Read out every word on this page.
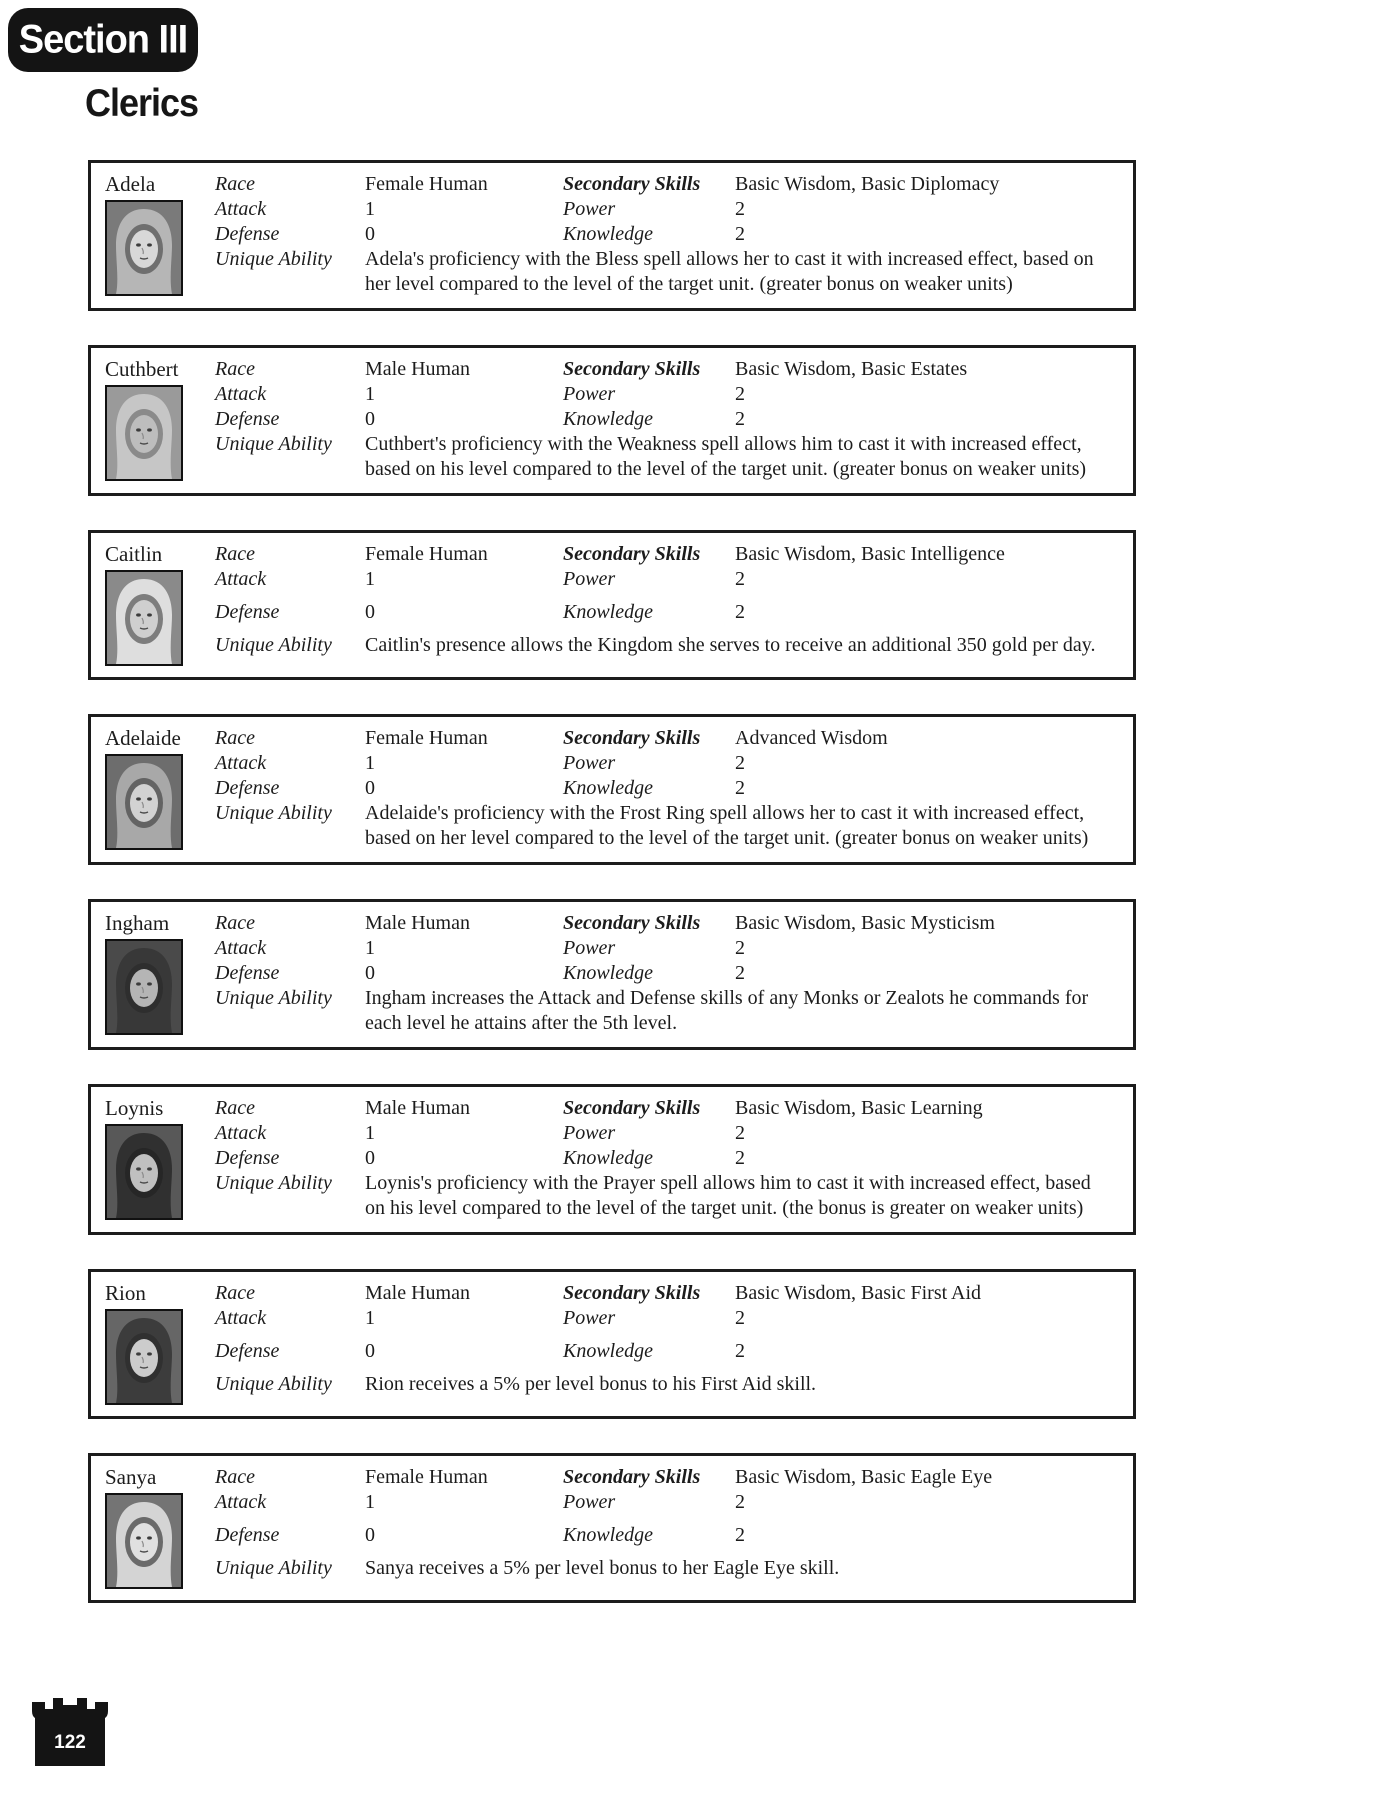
Section III
Clerics
Adela	Race	Female Human	Secondary Skills	Basic Wisdom, Basic Diplomacy
Attack	1	Power	2
Defense	0	Knowledge	2
Unique Ability	Adela's proficiency with the Bless spell allows her to cast it with increased effect, based on her level compared to the level of the target unit. (greater bonus on weaker units)
Cuthbert	Race	Male Human	Secondary Skills	Basic Wisdom, Basic Estates
Attack	1	Power	2
Defense	0	Knowledge	2
Unique Ability	Cuthbert's proficiency with the Weakness spell allows him to cast it with increased effect, based on his level compared to the level of the target unit. (greater bonus on weaker units)
Caitlin	Race	Female Human	Secondary Skills	Basic Wisdom, Basic Intelligence
Attack	1	Power	2
Defense	0	Knowledge	2
Unique Ability	Caitlin's presence allows the Kingdom she serves to receive an additional 350 gold per day.
Adelaide	Race	Female Human	Secondary Skills	Advanced Wisdom
Attack	1	Power	2
Defense	0	Knowledge	2
Unique Ability	Adelaide's proficiency with the Frost Ring spell allows her to cast it with increased effect, based on her level compared to the level of the target unit. (greater bonus on weaker units)
Ingham	Race	Male Human	Secondary Skills	Basic Wisdom, Basic Mysticism
Attack	1	Power	2
Defense	0	Knowledge	2
Unique Ability	Ingham increases the Attack and Defense skills of any Monks or Zealots he commands for each level he attains after the 5th level.
Loynis	Race	Male Human	Secondary Skills	Basic Wisdom, Basic Learning
Attack	1	Power	2
Defense	0	Knowledge	2
Unique Ability	Loynis's proficiency with the Prayer spell allows him to cast it with increased effect, based on his level compared to the level of the target unit. (the bonus is greater on weaker units)
Rion	Race	Male Human	Secondary Skills	Basic Wisdom, Basic First Aid
Attack	1	Power	2
Defense	0	Knowledge	2
Unique Ability	Rion receives a 5% per level bonus to his First Aid skill.
Sanya	Race	Female Human	Secondary Skills	Basic Wisdom, Basic Eagle Eye
Attack	1	Power	2
Defense	0	Knowledge	2
Unique Ability	Sanya receives a 5% per level bonus to her Eagle Eye skill.
122
